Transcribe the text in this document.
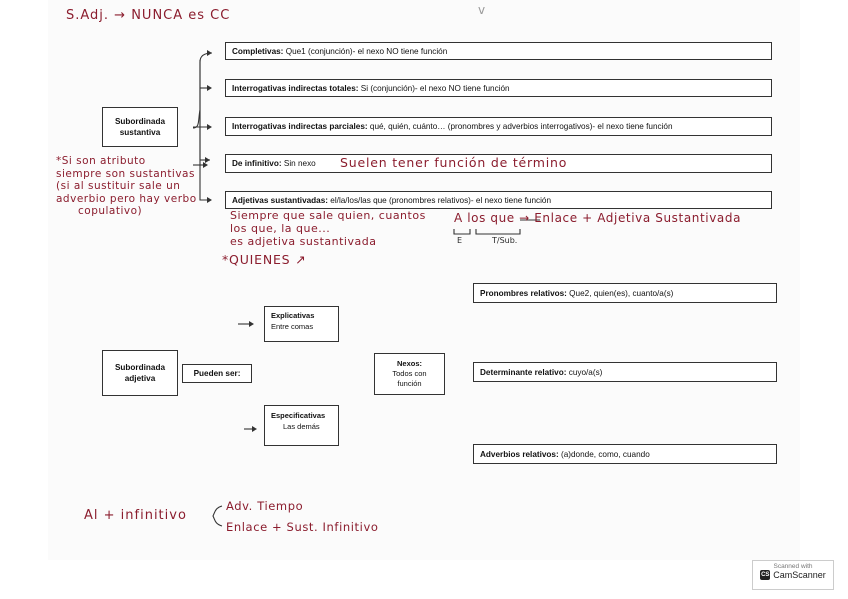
S.Adj. → NUNCA es CC	v
Subordinada
sustantiva
Completivas: Que1 (conjunción)- el nexo NO tiene función
Interrogativas indirectas totales: Si (conjunción)- el nexo NO tiene función
Interrogativas indirectas parciales: qué, quién, cuánto… (pronombres y adverbios interrogativos)- el nexo tiene función
De infinitivo: Sin nexo Suelen tener función de término
Adjetivas sustantivadas: el/la/los/las que (pronombres relativos)- el nexo tiene función
*Si son atributo
siempre son sustantivas
(si al sustituir sale un
adverbio pero hay verbo
copulativo)	Siempre que sale quien, cuantos
los que, la que...
es adjetiva sustantivada
*QUIENES ↗
A los que → Enlace + Adjetiva Sustantivada
E	T/Sub.
Subordinada
adjetiva
Pueden ser:
Explicativas
Entre comas
Especificativas
Las demás
Nexos:
Todos con
función
Pronombres relativos: Que2, quien(es), cuanto/a(s)
Determinante relativo: cuyo/a(s)
Adverbios relativos: (a)donde, como, cuando
Al + infinitivo
Adv. Tiempo
Enlace + Sust. Infinitivo
Scanned with
CS CamScanner
